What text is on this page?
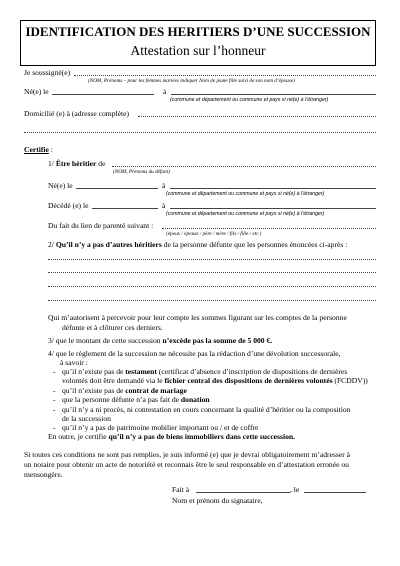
IDENTIFICATION DES HERITIERS D’UNE SUCCESSION
Attestation sur l’honneur
Je soussigné(e)
(NOM, Prénoms – pour les femmes mariées indiquer Nom de jeune fille suivi de son nom d’épouse)
Né(e) le	à
(commune et département ou commune et pays si né(e) à l’étranger)
Domicilié (e) à (adresse complète)
Certifie :
1/ Être héritier de
(NOM, Prénoms du défunt)
Né(e) le	à
(commune et département ou commune et pays si né(e) à l’étranger)
Décédé (e) le	à
(commune et département ou commune et pays si né(e) à l’étranger)
Du fait du lien de parenté suivant :
(époux / épouse / père / mère / fils / fille / etc.)
2/ Qu’il n’y a pas d’autres héritiers de la personne défunte que les personnes énoncées ci-après :
Qui m’autorisent à percevoir pour leur compte les sommes figurant sur les comptes de la personne
défunte et à clôturer ces derniers.
3/ que le montant de cette succession n’excède pas la somme de 5 000 €.
4/ que le règlement de la succession ne nécessite pas la rédaction d’une dévolution successorale,
à savoir :
- qu’il n’existe pas de testament (certificat d’absence d’inscription de dispositions de dernières
volontés doit être demandé via le fichier central des dispositions de dernières volontés (FCDDV))
- qu’il n’existe pas de contrat de mariage
- que la personne défunte n’a pas fait de donation
- qu’il n’y a ni procès, ni contestation en cours concernant la qualité d’héritier ou la composition
de la succession
- qu’il n’y a pas de patrimoine mobilier important ou / et de coffre
En outre, je certifie qu’il n’y a pas de biens immobiliers dans cette succession.
Si toutes ces conditions ne sont pas remplies, je suis informé (e) que je devrai obligatoirement m’adresser à
un notaire pour obtenir un acte de notoriété et reconnais être le seul responsable en d’attestation erronée ou
mensongère.
Fait à	, le
Nom et prénom du signataire,
